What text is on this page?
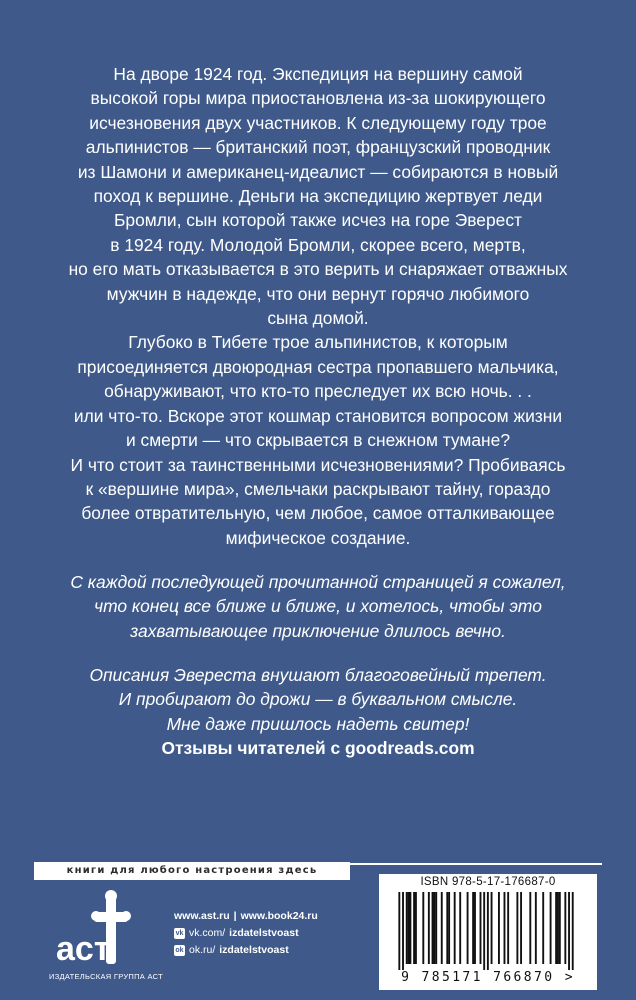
На дворе 1924 год. Экспедиция на вершину самой

высокой горы мира приостановлена из-за шокирующего

исчезновения двух участников. К следующему году трое

альпинистов — британский поэт, французский проводник

из Шамони и американец-идеалист — собираются в новый

поход к вершине. Деньги на экспедицию жертвует леди

Бромли, сын которой также исчез на горе Эверест

в 1924 году. Молодой Бромли, скорее всего, мертв,

но его мать отказывается в это верить и снаряжает отважных

мужчин в надежде, что они вернут горячо любимого

сына домой.

Глубоко в Тибете трое альпинистов, к которым

присоединяется двоюродная сестра пропавшего мальчика,

обнаруживают, что кто-то преследует их всю ночь. . .

или что-то. Вскоре этот кошмар становится вопросом жизни

и смерти — что скрывается в снежном тумане?

И что стоит за таинственными исчезновениями? Пробиваясь

к «вершине мира», смельчаки раскрывают тайну, гораздо

более отвратительную, чем любое, самое отталкивающее

мифическое создание.

С каждой последующей прочитанной страницей я сожалел,

что конец все ближе и ближе, и хотелось, чтобы это

захватывающее приключение длилось вечно.

Описания Эвереста внушают благоговейный трепет.

И пробирают до дрожи — в буквальном смысле.

Мне даже пришлось надеть свитер!

Отзывы читателей с goodreads.com

книги для любого настроения здесь
аст
ИЗДАТЕЛЬСКАЯ ГРУППА АСТ
www.ast.ru | www.book24.ru
vk vk.com/ izdatelstvoast
ok ok.ru/ izdatelstvoast
ISBN 978-5-17-176687-0
9 785171 766870 >
